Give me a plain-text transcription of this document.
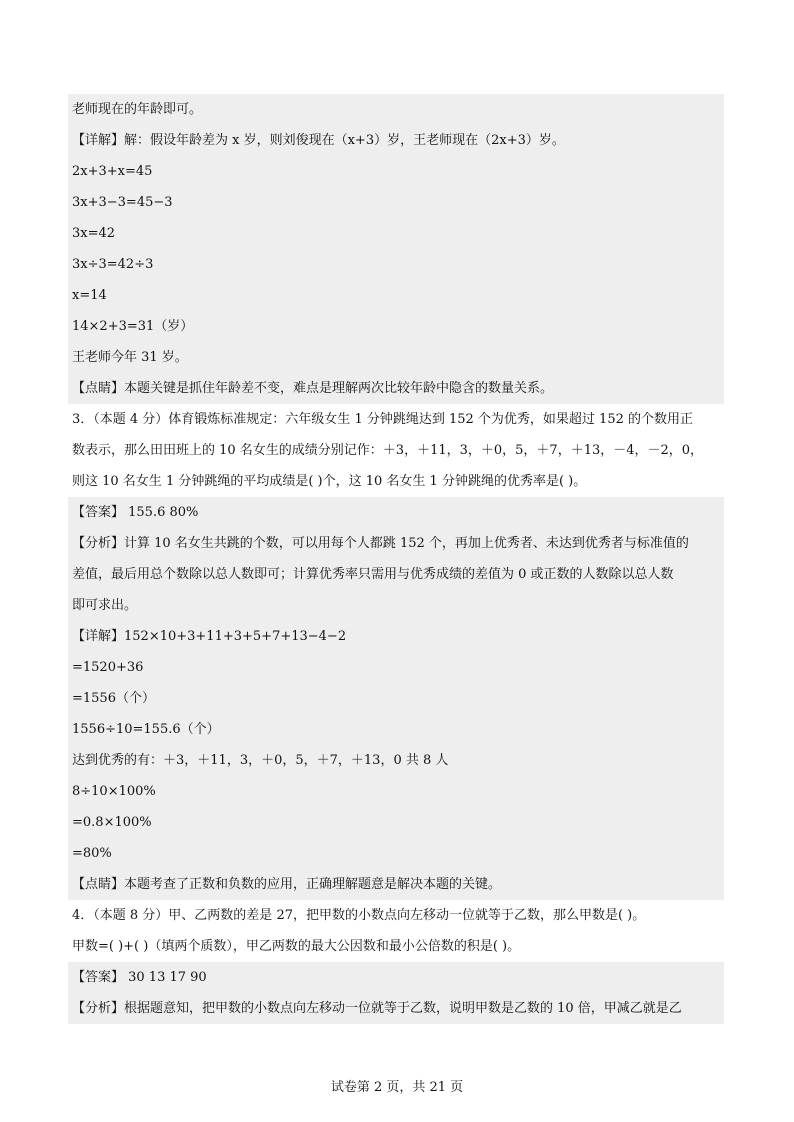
老师现在的年龄即可。
【详解】解：假设年龄差为 x 岁，则刘俊现在（x+3）岁，王老师现在（2x+3）岁。
2x+3+x=45
3x+3−3=45−3
3x=42
3x÷3=42÷3
x=14
14×2+3=31（岁）
王老师今年 31 岁。
【点睛】本题关键是抓住年龄差不变，难点是理解两次比较年龄中隐含的数量关系。
3．（本题 4 分）体育锻炼标准规定：六年级女生 1 分钟跳绳达到 152 个为优秀，如果超过 152 的个数用正
数表示，那么田田班上的 10 名女生的成绩分别记作：＋3，＋11，3，＋0，5，＋7，＋13，－4，－2，0，
则这 10 名女生 1 分钟跳绳的平均成绩是( )个，这 10 名女生 1 分钟跳绳的优秀率是( )。
【答案】 155.6 80%
【分析】计算 10 名女生共跳的个数，可以用每个人都跳 152 个，再加上优秀者、未达到优秀者与标准值的
差值，最后用总个数除以总人数即可；计算优秀率只需用与优秀成绩的差值为 0 或正数的人数除以总人数
即可求出。
【详解】152×10+3+11+3+5+7+13−4−2
=1520+36
=1556（个）
1556÷10=155.6（个）
达到优秀的有：＋3，＋11，3，＋0，5，＋7，＋13，0 共 8 人
8÷10×100%
=0.8×100%
=80%
【点睛】本题考查了正数和负数的应用，正确理解题意是解决本题的关键。
4．（本题 8 分）甲、乙两数的差是 27，把甲数的小数点向左移动一位就等于乙数，那么甲数是( )。
甲数=( )+( )（填两个质数），甲乙两数的最大公因数和最小公倍数的积是( )。
【答案】 30 13 17 90
【分析】根据题意知，把甲数的小数点向左移动一位就等于乙数，说明甲数是乙数的 10 倍，甲减乙就是乙
试卷第 2 页，共 21 页
